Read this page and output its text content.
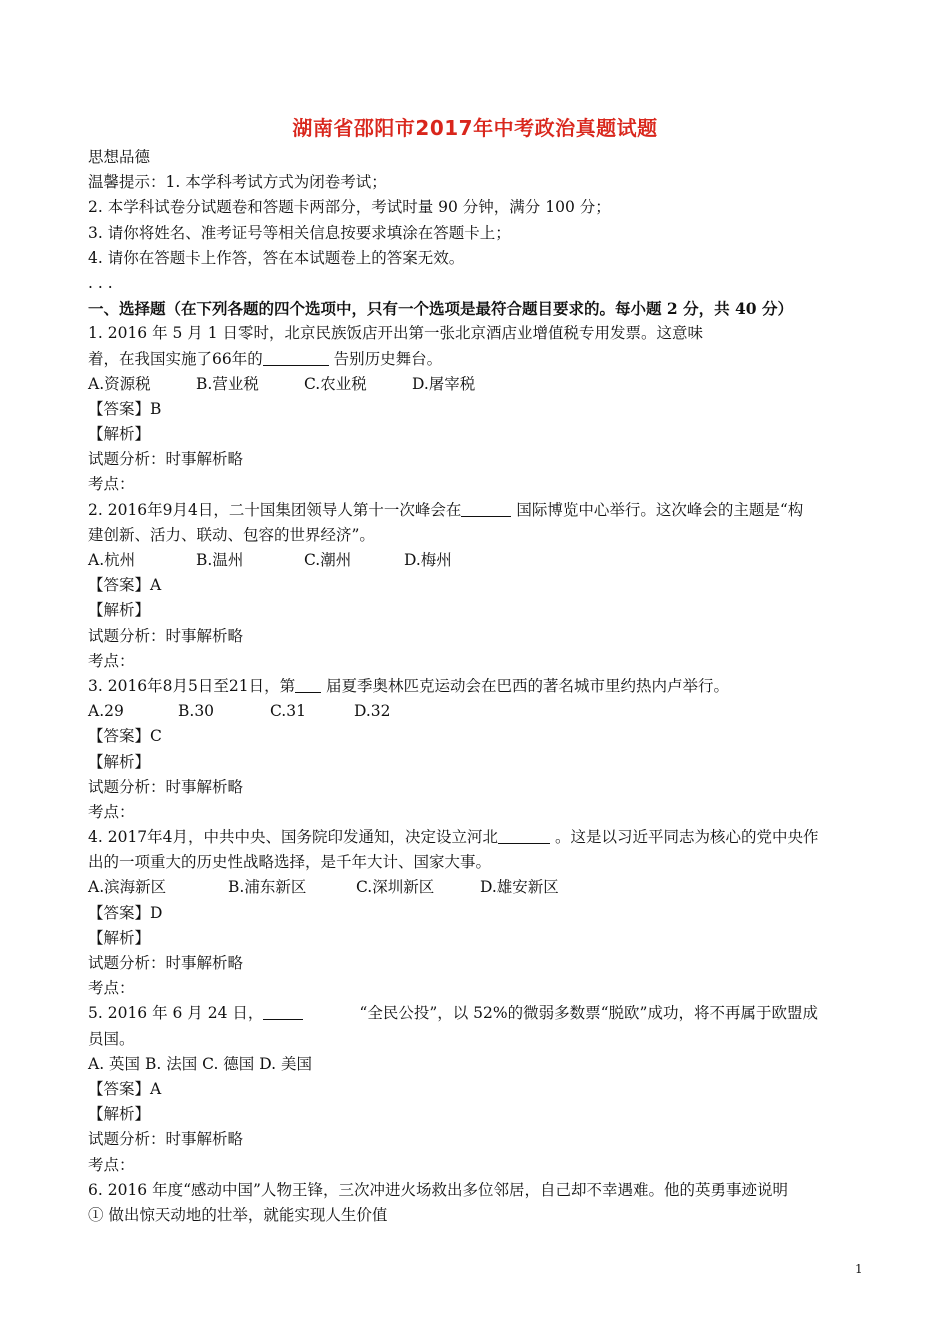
湖南省邵阳市2017年中考政治真题试题
思想品德
温馨提示：1. 本学科考试方式为闭卷考试；
2. 本学科试卷分试题卷和答题卡两部分，考试时量 90 分钟，满分 100 分；
3. 请你将姓名、准考证号等相关信息按要求填涂在答题卡上；
4. 请你在答题卡上作答，答在本试题卷上的答案无效。
. . .
一、选择题（在下列各题的四个选项中，只有一个选项是最符合题目要求的。每小题 2 分，共 40 分）
1. 2016 年 5 月 1 日零时，北京民族饭店开出第一张北京酒店业增值税专用发票。这意味
着，在我国实施了66年的	告别历史舞台。
A.资源税	B.营业税	C.农业税	D.屠宰税
【答案】B
【解析】
试题分析：时事解析略
考点：
2. 2016年9月4日，二十国集团领导人第十一次峰会在	国际博览中心举行。这次峰会的主题是“构
建创新、活力、联动、包容的世界经济”。
A.杭州	B.温州	C.潮州	D.梅州
【答案】A
【解析】
试题分析：时事解析略
考点：
3. 2016年8月5日至21日，第 届夏季奥林匹克运动会在巴西的著名城市里约热内卢举行。
A.29	B.30	C.31	D.32
【答案】C
【解析】
试题分析：时事解析略
考点：
4. 2017年4月，中共中央、国务院印发通知，决定设立河北	。这是以习近平同志为核心的党中央作
出的一项重大的历史性战略选择，是千年大计、国家大事。
A.滨海新区	B.浦东新区	C.深圳新区	D.雄安新区
【答案】D
【解析】
试题分析：时事解析略
考点：
5. 2016 年 6 月 24 日，	“全民公投”，以 52%的微弱多数票“脱欧”成功，将不再属于欧盟成
员国。
A. 英国 B. 法国 C. 德国 D. 美国
【答案】A
【解析】
试题分析：时事解析略
考点：
6. 2016 年度“感动中国”人物王锋，三次冲进火场救出多位邻居，自己却不幸遇难。他的英勇事迹说明
① 做出惊天动地的壮举，就能实现人生价值
1
